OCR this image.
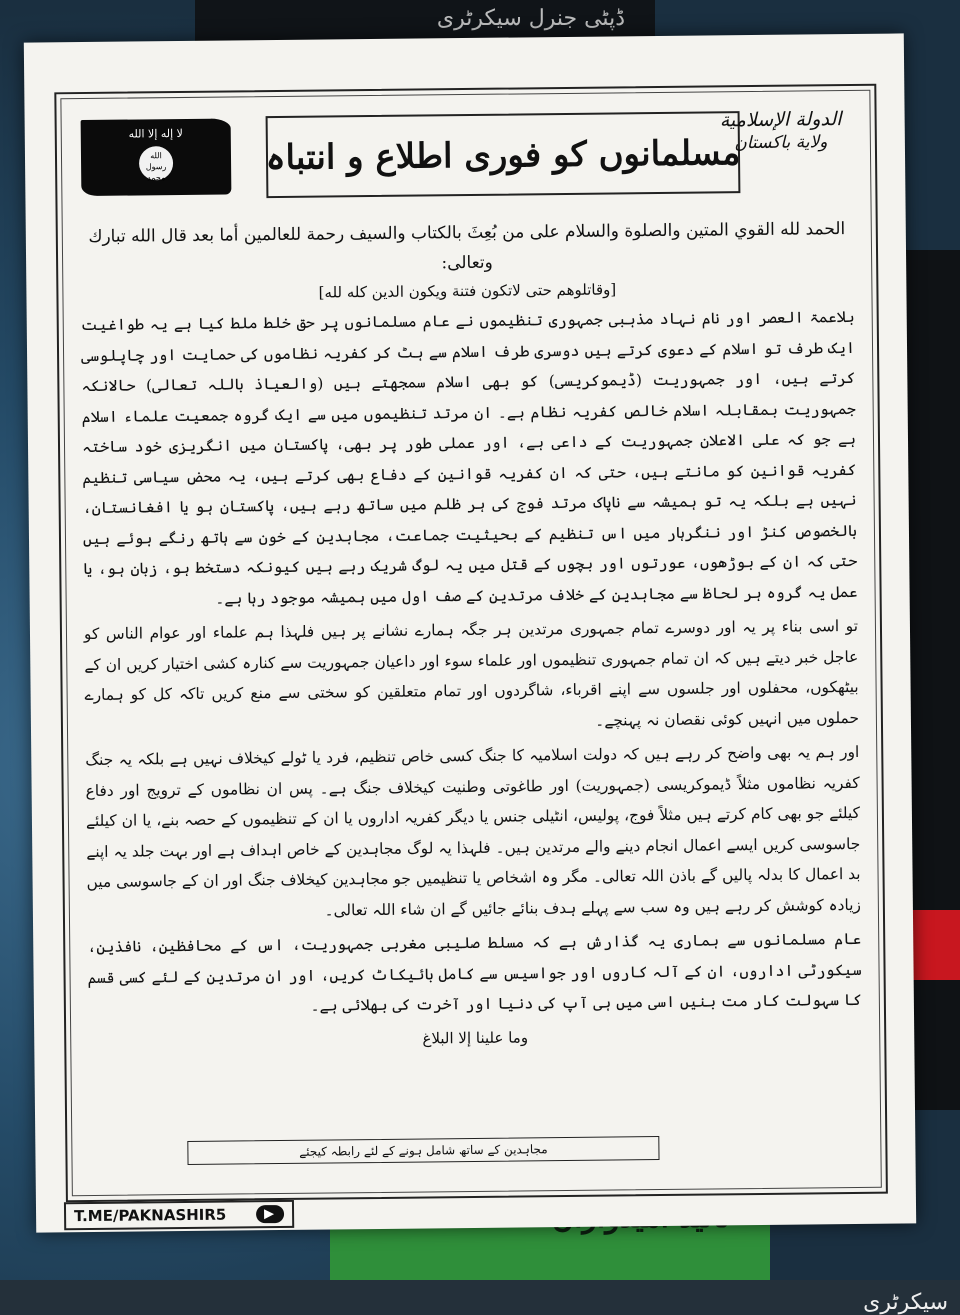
ڈپٹی جنرل سیکرٹری
سیکرٹری
لا إله إلا الله
الله رسول محمد
مسلمانوں کو فوری اطلاع و انتباہ
الدولة الإسلامية
ولاية باكستان

الحمد لله القوي المتين والصلوة والسلام على من بُعِثَ بالكتاب والسيف رحمة للعالمين أما بعد قال الله تبارك وتعالى:

[وقاتلوهم حتى لاتكون فتنة ويكون الدين كله لله]

بلاعمۃ العصر اور نام نہاد مذہبی جمہوری تنظیموں نے عام مسلمانوں پر حق خلط ملط کیا ہے یہ طواغیت ایک طرف تو اسلام کے دعوی کرتے ہیں دوسری طرف اسلام سے ہٹ کر کفریہ نظاموں کی حمایت اور چاپلوسی کرتے ہیں، اور جمہوریت (ڈیموکریسی) کو بھی اسلام سمجھتے ہیں (والعیاذ باللہ تعالی) حالانکہ جمہوریت بمقابلہ اسلام خالص کفریہ نظام ہے۔ ان مرتد تنظیموں میں سے ایک گروہ جمعیت علماء اسلام ہے جو کہ علی الاعلان جمہوریت کے داعی ہے، اور عملی طور پر بھی، پاکستان میں انگریزی خود ساختہ کفریہ قوانین کو مانتے ہیں، حتی کہ ان کفریہ قوانین کے دفاع بھی کرتے ہیں، یہ محض سیاسی تنظیم نہیں ہے بلکہ یہ تو ہمیشہ سے ناپاک مرتد فوج کی ہر ظلم میں ساتھ رہے ہیں، پاکستان ہو یا افغانستان، بالخصوص کنڑ اور ننگرہار میں اس تنظیم کے بحیثیت جماعت، مجاہدین کے خون سے ہاتھ رنگے ہوئے ہیں حتی کہ ان کے بوڑھوں، عورتوں اور بچوں کے قتل میں یہ لوگ شریک رہے ہیں کیونکہ دستخط ہو، زبان ہو، یا عمل یہ گروہ ہر لحاظ سے مجاہدین کے خلاف مرتدین کے صف اول میں ہمیشہ موجود رہا ہے۔

تو اسی بناء پر یہ اور دوسرے تمام جمہوری مرتدین ہر جگہ ہمارے نشانے پر ہیں فلہذا ہم علماء اور عوام الناس کو عاجل خبر دیتے ہیں کہ ان تمام جمہوری تنظیموں اور علماء سوء اور داعیان جمہوریت سے کنارہ کشی اختیار کریں ان کے بیٹھکوں، محفلوں اور جلسوں سے اپنے اقرباء، شاگردوں اور تمام متعلقین کو سختی سے منع کریں تاکہ کل کو ہمارے حملوں میں انہیں کوئی نقصان نہ پہنچے۔

اور ہم یہ بھی واضح کر رہے ہیں کہ دولت اسلامیہ کا جنگ کسی خاص تنظیم، فرد یا ٹولے کیخلاف نہیں ہے بلکہ یہ جنگ کفریہ نظاموں مثلاً ڈیموکریسی (جمہوریت) اور طاغوتی وطنیت کیخلاف جنگ ہے۔ پس ان نظاموں کے ترویج اور دفاع کیلئے جو بھی کام کرتے ہیں مثلاً فوج، پولیس، انٹیلی جنس یا دیگر کفریہ اداروں یا ان کے تنظیموں کے حصہ بنے، یا ان کیلئے جاسوسی کریں ایسے اعمال انجام دینے والے مرتدین ہیں۔ فلہذا یہ لوگ مجاہدین کے خاص اہداف ہے اور بہت جلد یہ اپنے بد اعمال کا بدلہ پالیں گے باذن اللہ تعالی۔ مگر وہ اشخاص یا تنظیمیں جو مجاہدین کیخلاف جنگ اور ان کے جاسوسی میں زیادہ کوشش کر رہے ہیں وہ سب سے پہلے ہدف بنائے جائیں گے ان شاء اللہ تعالی۔

عام مسلمانوں سے ہماری یہ گذارش ہے کہ مسلط صلیبی مغربی جمہوریت، اس کے محافظین، نافذین، سیکورٹی اداروں، ان کے آلہ کاروں اور جواسیس سے کامل بائیکاٹ کریں، اور ان مرتدین کے لئے کسی قسم کا سہولت کار مت بنیں اسی میں ہی آپ کی دنیا اور آخرت کی بھلائی ہے۔

وما علينا إلا البلاغ

مجاہدین کے ساتھ شامل ہونے کے لئے رابطہ کیجئے
T.ME/PAKNASHIR5
